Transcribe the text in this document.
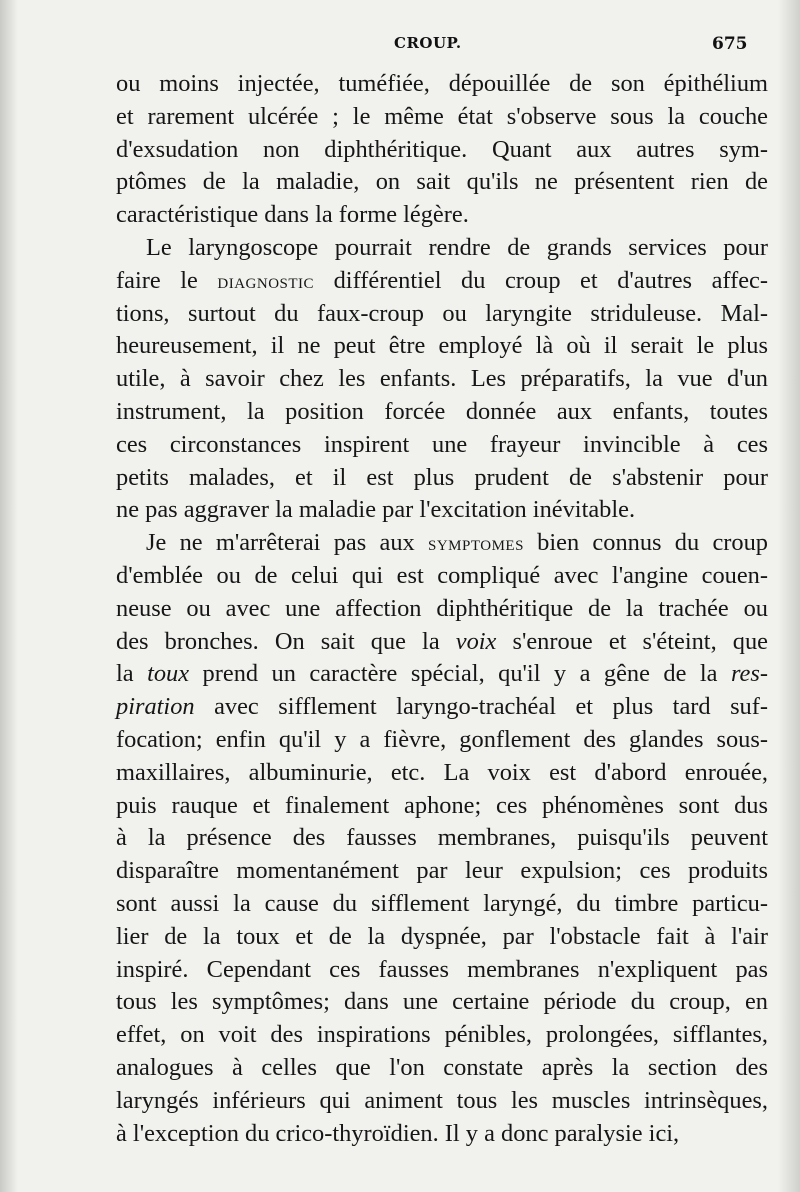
CROUP.	675
ou moins injectée, tuméfiée, dépouillée de son épithélium
et rarement ulcérée ; le même état s'observe sous la couche
d'exsudation non diphthéritique. Quant aux autres sym-
ptômes de la maladie, on sait qu'ils ne présentent rien de
caractéristique dans la forme légère.
Le laryngoscope pourrait rendre de grands services pour
faire le diagnostic différentiel du croup et d'autres affec-
tions, surtout du faux-croup ou laryngite striduleuse. Mal-
heureusement, il ne peut être employé là où il serait le plus
utile, à savoir chez les enfants. Les préparatifs, la vue d'un
instrument, la position forcée donnée aux enfants, toutes
ces circonstances inspirent une frayeur invincible à ces
petits malades, et il est plus prudent de s'abstenir pour
ne pas aggraver la maladie par l'excitation inévitable.
Je ne m'arrêterai pas aux symptomes bien connus du croup
d'emblée ou de celui qui est compliqué avec l'angine couen-
neuse ou avec une affection diphthéritique de la trachée ou
des bronches. On sait que la voix s'enroue et s'éteint, que
la toux prend un caractère spécial, qu'il y a gêne de la res-
piration avec sifflement laryngo-trachéal et plus tard suf-
focation; enfin qu'il y a fièvre, gonflement des glandes sous-
maxillaires, albuminurie, etc. La voix est d'abord enrouée,
puis rauque et finalement aphone; ces phénomènes sont dus
à la présence des fausses membranes, puisqu'ils peuvent
disparaître momentanément par leur expulsion; ces produits
sont aussi la cause du sifflement laryngé, du timbre particu-
lier de la toux et de la dyspnée, par l'obstacle fait à l'air
inspiré. Cependant ces fausses membranes n'expliquent pas
tous les symptômes; dans une certaine période du croup, en
effet, on voit des inspirations pénibles, prolongées, sifflantes,
analogues à celles que l'on constate après la section des
laryngés inférieurs qui animent tous les muscles intrinsèques,
à l'exception du crico-thyroïdien. Il y a donc paralysie ici,
